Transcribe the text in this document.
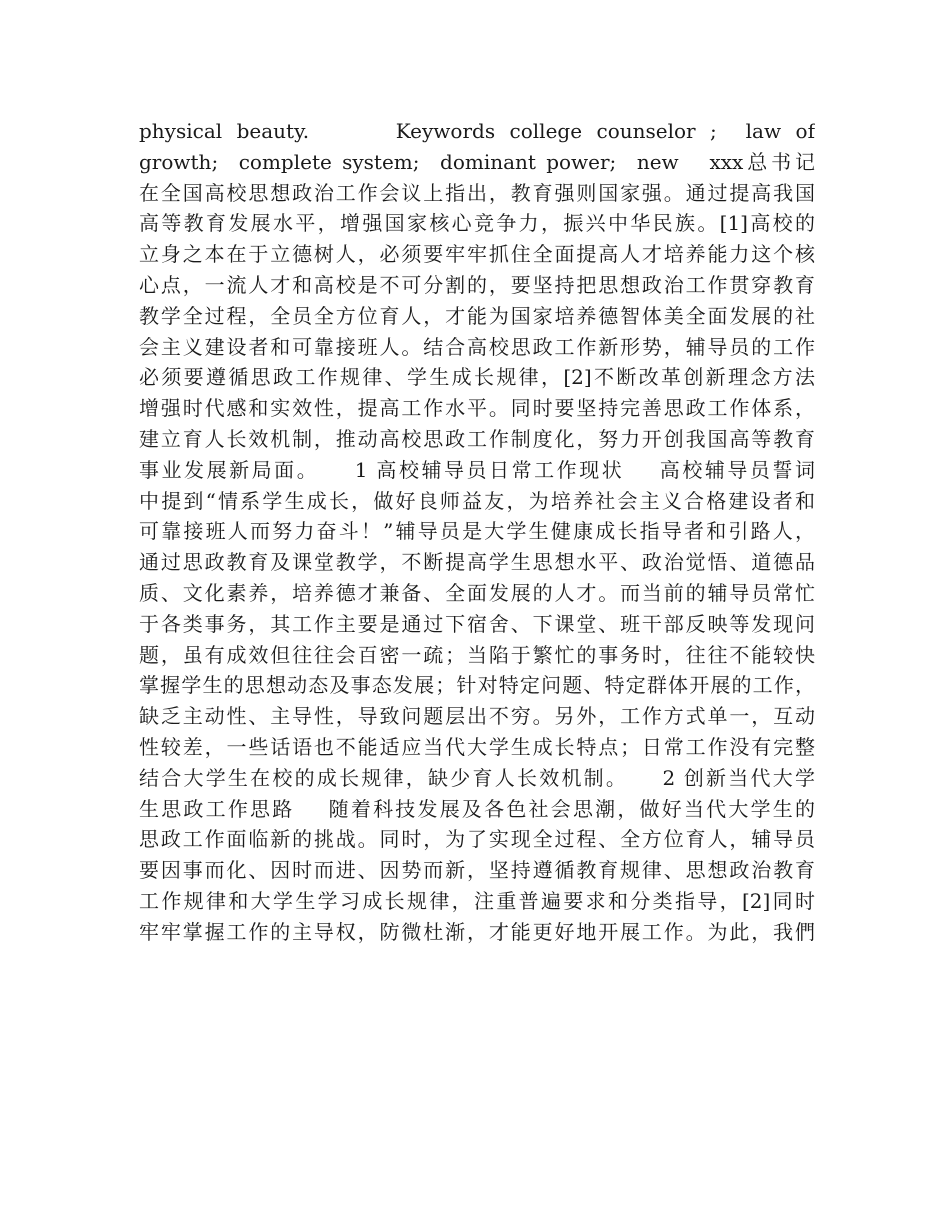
physical beauty.      Keywords college counselor ;  law of
growth;  complete system;  dominant power;  new   xxx总书记
在全国高校思想政治工作会议上指出，教育强则国家强。通过提高我国
高等教育发展水平，增强国家核心竞争力，振兴中华民族。[1]高校的
立身之本在于立德树人，必须要牢牢抓住全面提高人才培养能力这个核
心点，一流人才和高校是不可分割的，要坚持把思想政治工作贯穿教育
教学全过程，全员全方位育人，才能为国家培养德智体美全面发展的社
会主义建设者和可靠接班人。结合高校思政工作新形势，辅导员的工作
必须要遵循思政工作规律、学生成长规律，[2]不断改革创新理念方法
增强时代感和实效性，提高工作水平。同时要坚持完善思政工作体系，
建立育人长效机制，推动高校思政工作制度化，努力开创我国高等教育
事业发展新局面。    1 高校辅导员日常工作现状    高校辅导员誓词
中提到“情系学生成长，做好良师益友，为培养社会主义合格建设者和
可靠接班人而努力奋斗！”辅导员是大学生健康成长指导者和引路人，
通过思政教育及课堂教学，不断提高学生思想水平、政治觉悟、道德品
质、文化素养，培养德才兼备、全面发展的人才。而当前的辅导员常忙
于各类事务，其工作主要是通过下宿舍、下课堂、班干部反映等发现问
题，虽有成效但往往会百密一疏；当陷于繁忙的事务时，往往不能较快
掌握学生的思想动态及事态发展；针对特定问题、特定群体开展的工作，
缺乏主动性、主导性，导致问题层出不穷。另外，工作方式单一，互动
性较差，一些话语也不能适应当代大学生成长特点；日常工作没有完整
结合大学生在校的成长规律，缺少育人长效机制。    2 创新当代大学
生思政工作思路    随着科技发展及各色社会思潮，做好当代大学生的
思政工作面临新的挑战。同时，为了实现全过程、全方位育人，辅导员
要因事而化、因时而进、因势而新，坚持遵循教育规律、思想政治教育
工作规律和大学生学习成长规律，注重普遍要求和分类指导，[2]同时
牢牢掌握工作的主导权，防微杜渐，才能更好地开展工作。为此，我們
